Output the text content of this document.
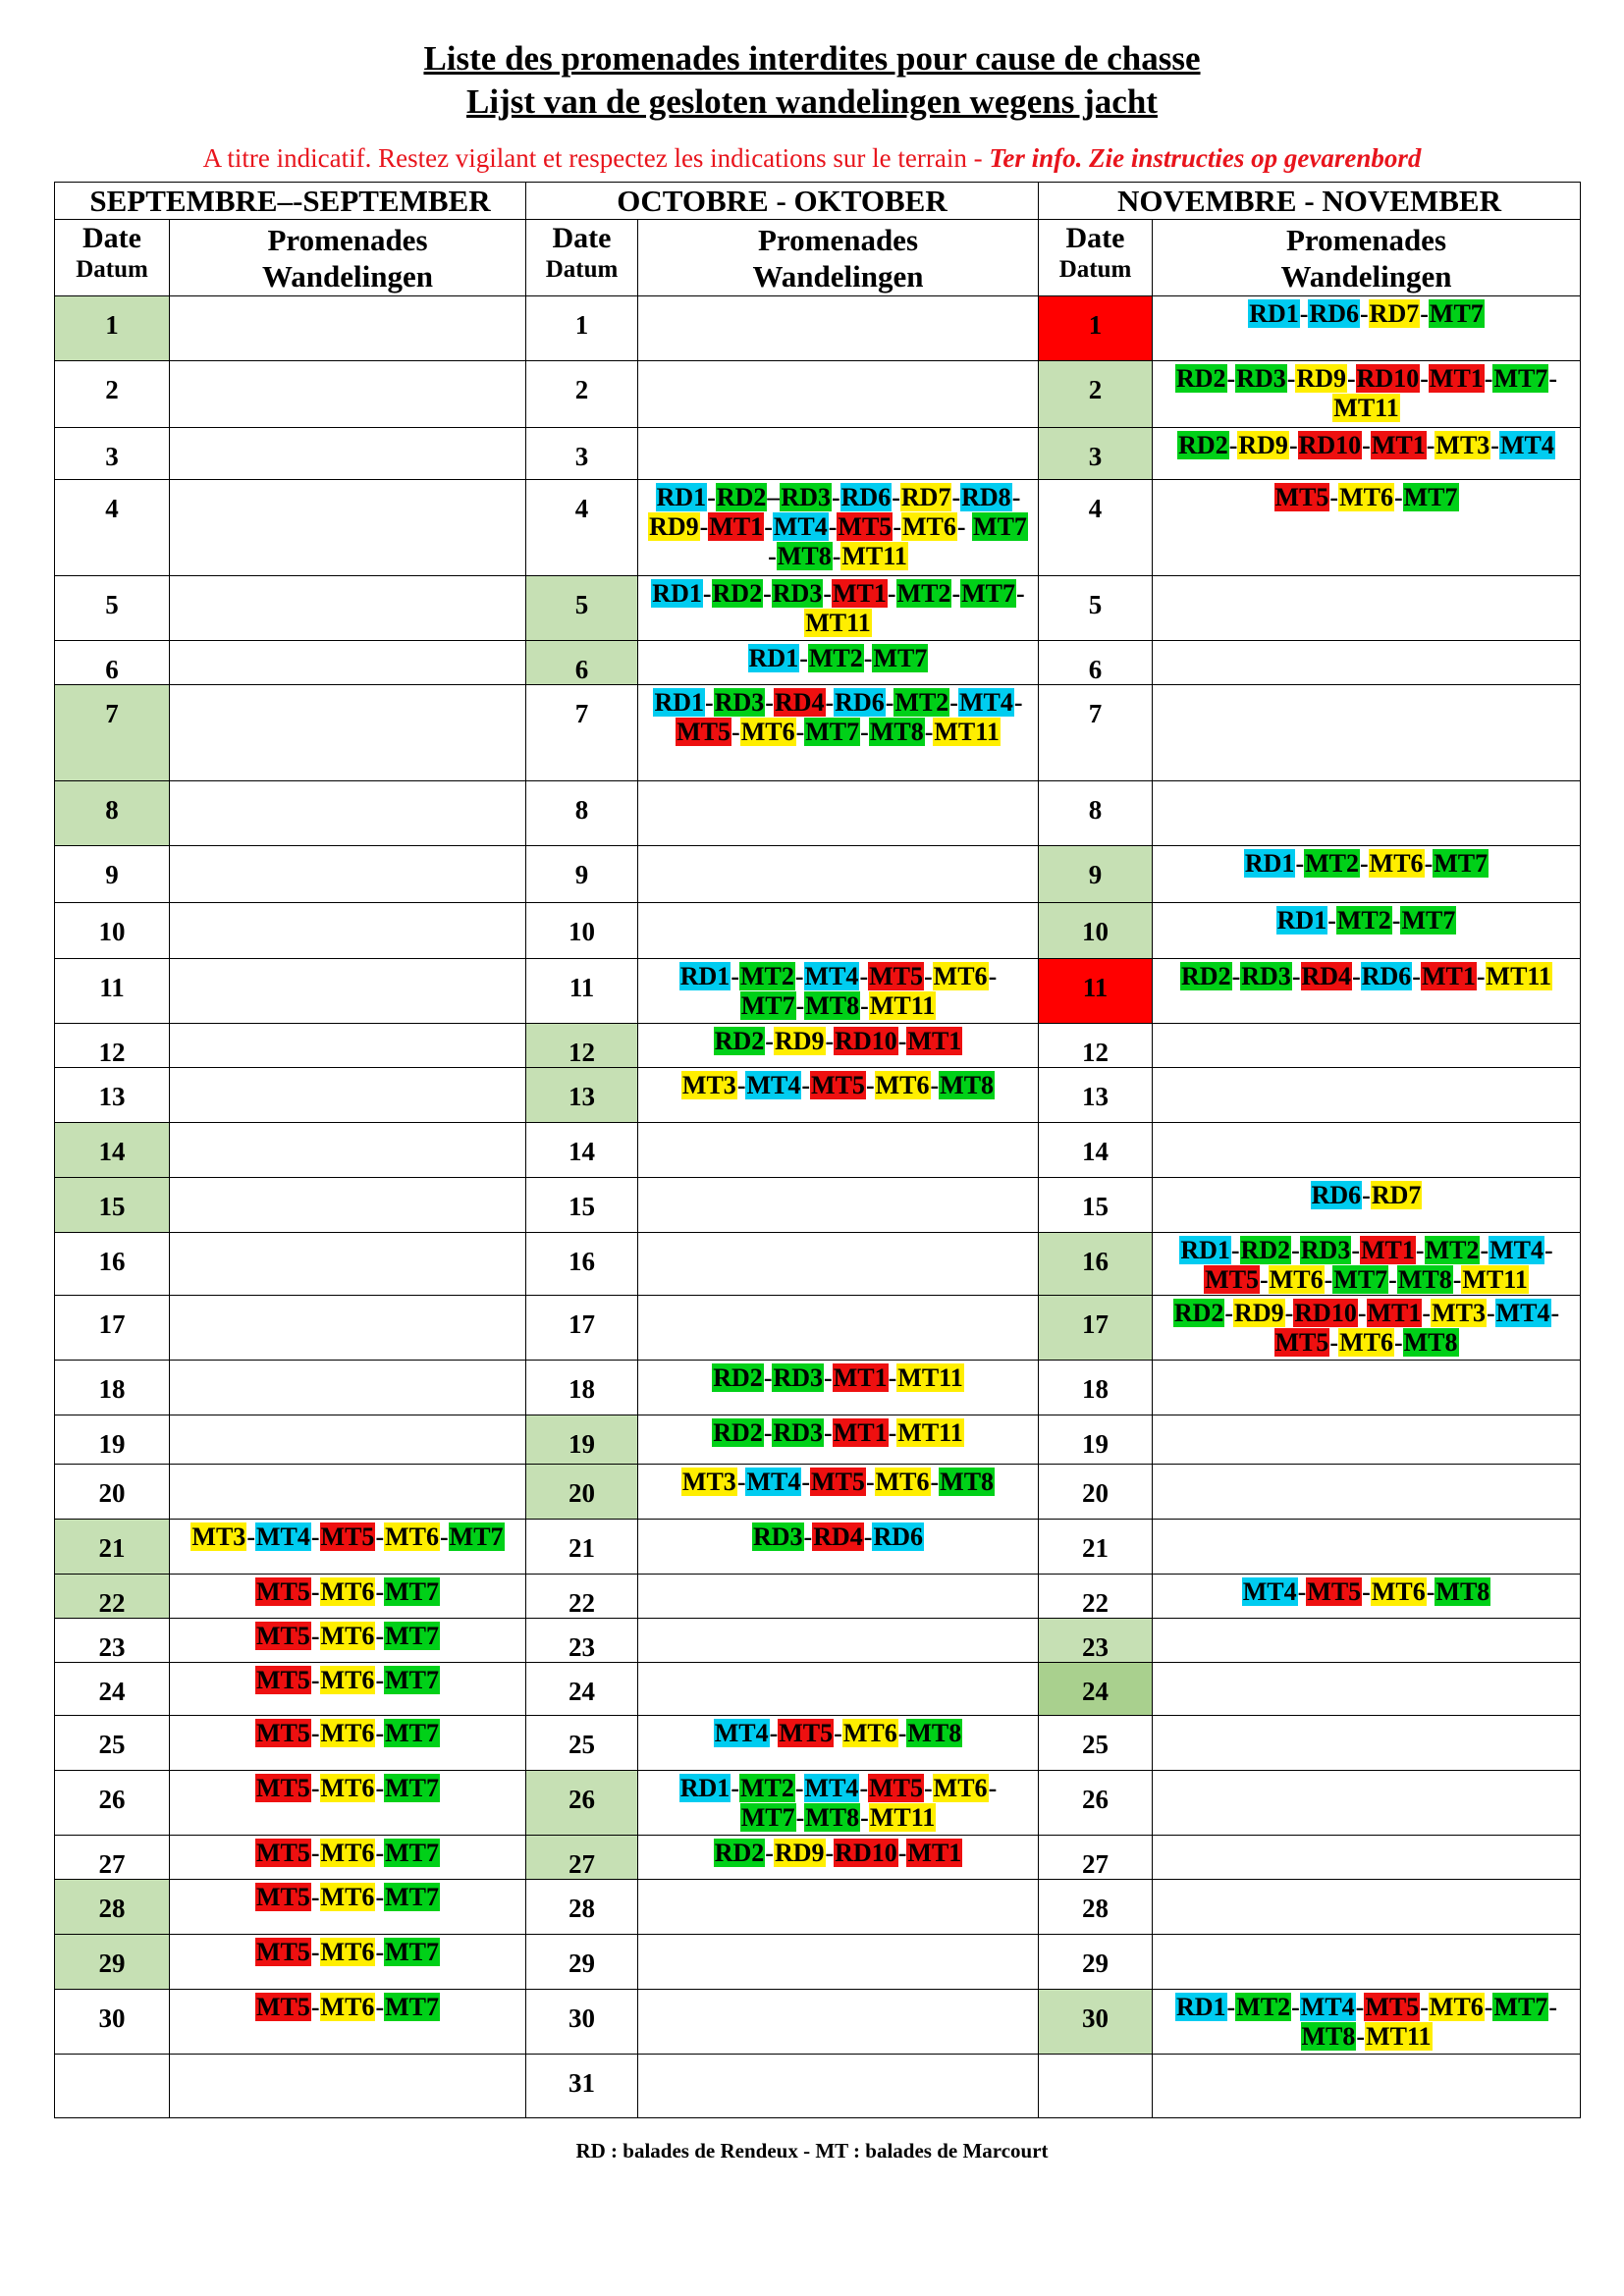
Liste des promenades interdites pour cause de chasse
Lijst van de gesloten wandelingen wegens jacht
A titre indicatif. Restez vigilant et respectez les indications sur le terrain - Ter info. Zie instructies op gevarenbord
SEPTEMBRE–-SEPTEMBER		OCTOBRE - OKTOBER		NOVEMBRE - NOVEMBER	

Date
Datum	Promenades
Wandelingen	Date
Datum	Promenades
Wandelingen	Date
Datum	Promenades
Wandelingen

1		1		1	RD1-RD6-RD7-MT7
2		2		2	RD2-RD3-RD9-RD10-MT1-MT7-MT11
3		3		3	RD2-RD9-RD10-MT1-MT3-MT4
4		4	RD1-RD2–RD3-RD6-RD7-RD8-RD9-MT1-MT4-MT5-MT6- MT7 -MT8-MT11	4	MT5-MT6-MT7
5		5	RD1-RD2-RD3-MT1-MT2-MT7-MT11	5	
6		6	RD1-MT2-MT7	6	
7		7	RD1-RD3-RD4-RD6-MT2-MT4-MT5-MT6-MT7-MT8-MT11	7	
8		8		8	
9		9		9	RD1-MT2-MT6-MT7
10		10		10	RD1-MT2-MT7
11		11	RD1-MT2-MT4-MT5-MT6-MT7-MT8-MT11	11	RD2-RD3-RD4-RD6-MT1-MT11
12		12	RD2-RD9-RD10-MT1	12	
13		13	MT3-MT4-MT5-MT6-MT8	13	
14		14		14	
15		15		15	RD6-RD7
16		16		16	RD1-RD2-RD3-MT1-MT2-MT4-MT5-MT6-MT7-MT8-MT11
17		17		17	RD2-RD9-RD10-MT1-MT3-MT4-MT5-MT6-MT8
18		18	RD2-RD3-MT1-MT11	18	
19		19	RD2-RD3-MT1-MT11	19	
20		20	MT3-MT4-MT5-MT6-MT8	20	
21	MT3-MT4-MT5-MT6-MT7	21	RD3-RD4-RD6	21	
22	MT5-MT6-MT7	22		22	MT4-MT5-MT6-MT8
23	MT5-MT6-MT7	23		23	
24	MT5-MT6-MT7	24		24	
25	MT5-MT6-MT7	25	MT4-MT5-MT6-MT8	25	
26	MT5-MT6-MT7	26	RD1-MT2-MT4-MT5-MT6-MT7-MT8-MT11	26	
27	MT5-MT6-MT7	27	RD2-RD9-RD10-MT1	27	
28	MT5-MT6-MT7	28		28	
29	MT5-MT6-MT7	29		29	
30	MT5-MT6-MT7	30		30	RD1-MT2-MT4-MT5-MT6-MT7-MT8-MT11
		31			
RD : balades de Rendeux - MT : balades de Marcourt
